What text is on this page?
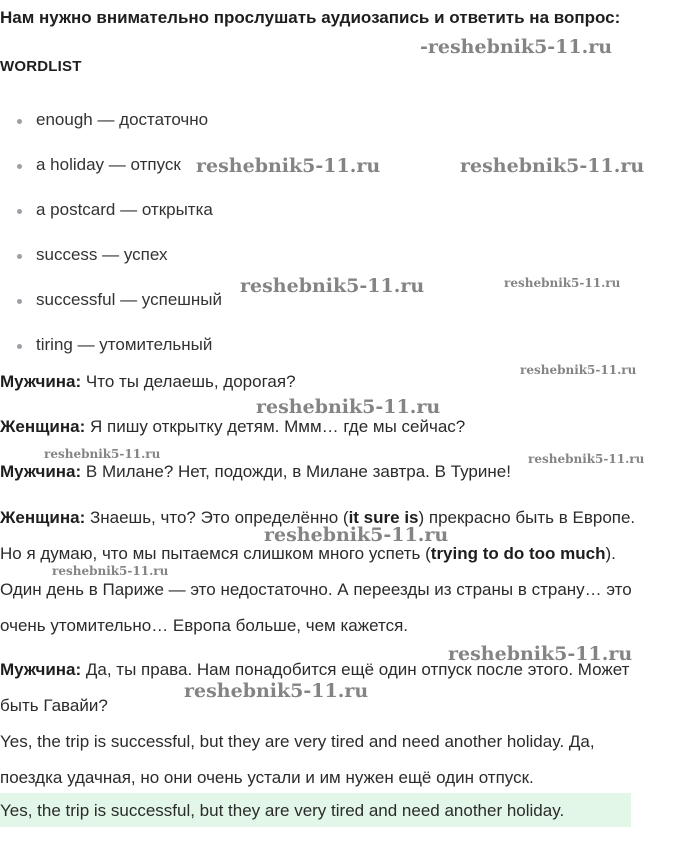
Нам нужно внимательно прослушать аудиозапись и ответить на вопрос:
WORDLIST
enough — достаточно
a holiday — отпуск
a postcard — открытка
success — успех
successful — успешный
tiring — утомительный
Мужчина: Что ты делаешь, дорогая?
Женщина: Я пишу открытку детям. Ммм… где мы сейчас?
Мужчина: В Милане? Нет, подожди, в Милане завтра. В Турине!
Женщина: Знаешь, что? Это определённо (it sure is) прекрасно быть в Европе.
Но я думаю, что мы пытаемся слишком много успеть (trying to do too much).
Один день в Париже — это недостаточно. А переезды из страны в страну… это
очень утомительно… Европа больше, чем кажется.
Мужчина: Да, ты права. Нам понадобится ещё один отпуск после этого. Может
быть Гавайи?
Yes, the trip is successful, but they are very tired and need another holiday. Да,
поездка удачная, но они очень устали и им нужен ещё один отпуск.
Yes, the trip is successful, but they are very tired and need another holiday.
-reshebnik5-11.ru
reshebnik5-11.ru	reshebnik5-11.ru
reshebnik5-11.ru	reshebnik5-11.ru
reshebnik5-11.ru
reshebnik5-11.ru
reshebnik5-11.ru	reshebnik5-11.ru
reshebnik5-11.ru
reshebnik5-11.ru
reshebnik5-11.ru
reshebnik5-11.ru
